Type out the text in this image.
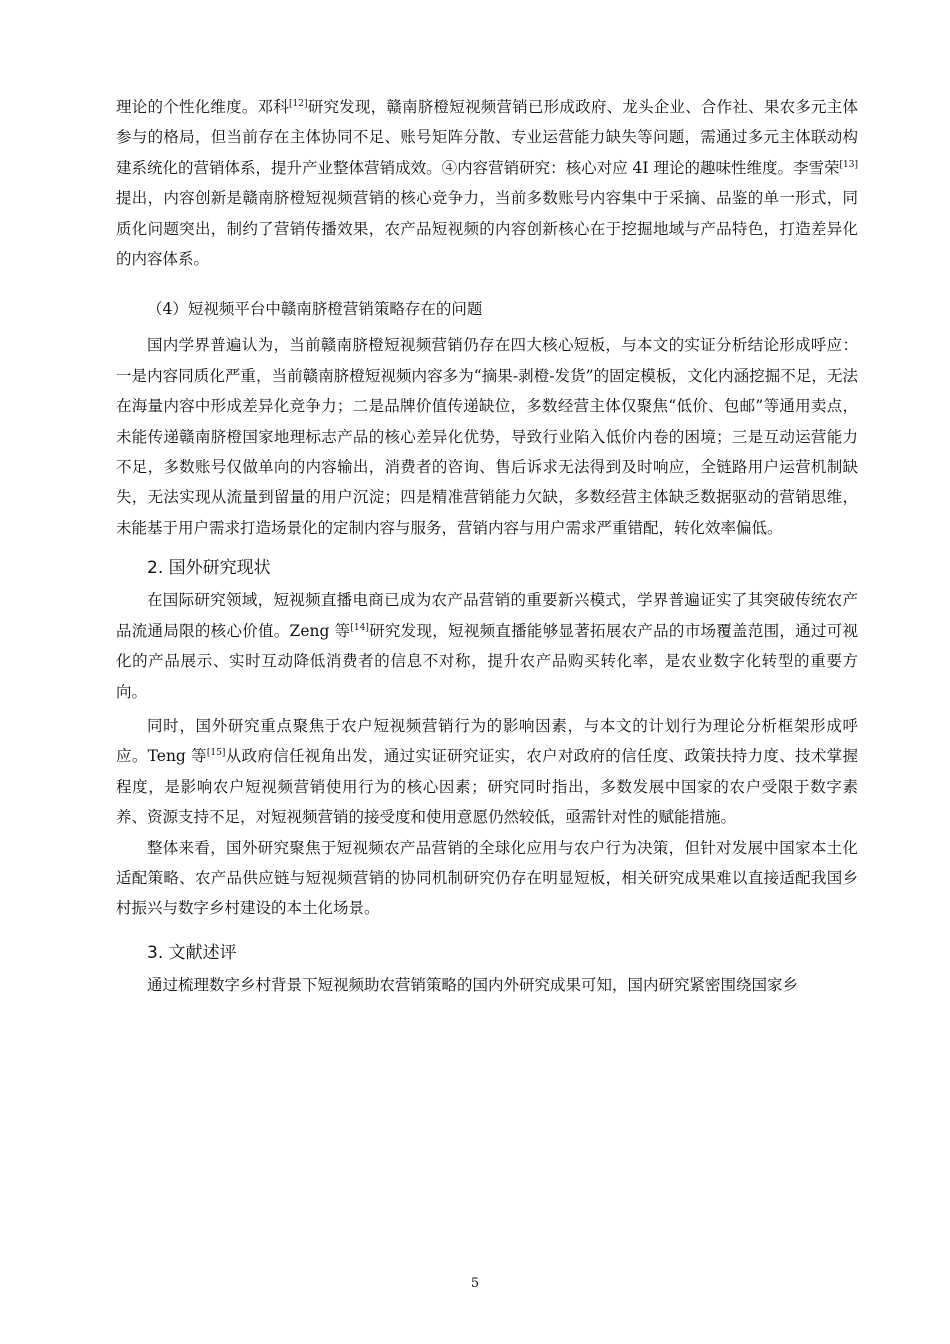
理论的个性化维度。邓科[12]研究发现，赣南脐橙短视频营销已形成政府、龙头企业、合作社、果农多元主体参与的格局，但当前存在主体协同不足、账号矩阵分散、专业运营能力缺失等问题，需通过多元主体联动构建系统化的营销体系，提升产业整体营销成效。④内容营销研究：核心对应 4I 理论的趣味性维度。李雪荣[13]提出，内容创新是赣南脐橙短视频营销的核心竞争力，当前多数账号内容集中于采摘、品鉴的单一形式，同质化问题突出，制约了营销传播效果，农产品短视频的内容创新核心在于挖掘地域与产品特色，打造差异化的内容体系。

（4）短视频平台中赣南脐橙营销策略存在的问题

国内学界普遍认为，当前赣南脐橙短视频营销仍存在四大核心短板，与本文的实证分析结论形成呼应：一是内容同质化严重，当前赣南脐橙短视频内容多为“摘果-剥橙-发货”的固定模板，文化内涵挖掘不足，无法在海量内容中形成差异化竞争力；二是品牌价值传递缺位，多数经营主体仅聚焦“低价、包邮”等通用卖点，未能传递赣南脐橙国家地理标志产品的核心差异化优势，导致行业陷入低价内卷的困境；三是互动运营能力不足，多数账号仅做单向的内容输出，消费者的咨询、售后诉求无法得到及时响应，全链路用户运营机制缺失，无法实现从流量到留量的用户沉淀；四是精准营销能力欠缺，多数经营主体缺乏数据驱动的营销思维，未能基于用户需求打造场景化的定制内容与服务，营销内容与用户需求严重错配，转化效率偏低。

2. 国外研究现状

在国际研究领域，短视频直播电商已成为农产品营销的重要新兴模式，学界普遍证实了其突破传统农产品流通局限的核心价值。Zeng 等[14]研究发现，短视频直播能够显著拓展农产品的市场覆盖范围，通过可视化的产品展示、实时互动降低消费者的信息不对称，提升农产品购买转化率，是农业数字化转型的重要方向。

同时，国外研究重点聚焦于农户短视频营销行为的影响因素，与本文的计划行为理论分析框架形成呼应。Teng 等[15]从政府信任视角出发，通过实证研究证实，农户对政府的信任度、政策扶持力度、技术掌握程度，是影响农户短视频营销使用行为的核心因素；研究同时指出，多数发展中国家的农户受限于数字素养、资源支持不足，对短视频营销的接受度和使用意愿仍然较低，亟需针对性的赋能措施。

整体来看，国外研究聚焦于短视频农产品营销的全球化应用与农户行为决策，但针对发展中国家本土化适配策略、农产品供应链与短视频营销的协同机制研究仍存在明显短板，相关研究成果难以直接适配我国乡村振兴与数字乡村建设的本土化场景。

3. 文献述评

通过梳理数字乡村背景下短视频助农营销策略的国内外研究成果可知，国内研究紧密围绕国家乡

5
